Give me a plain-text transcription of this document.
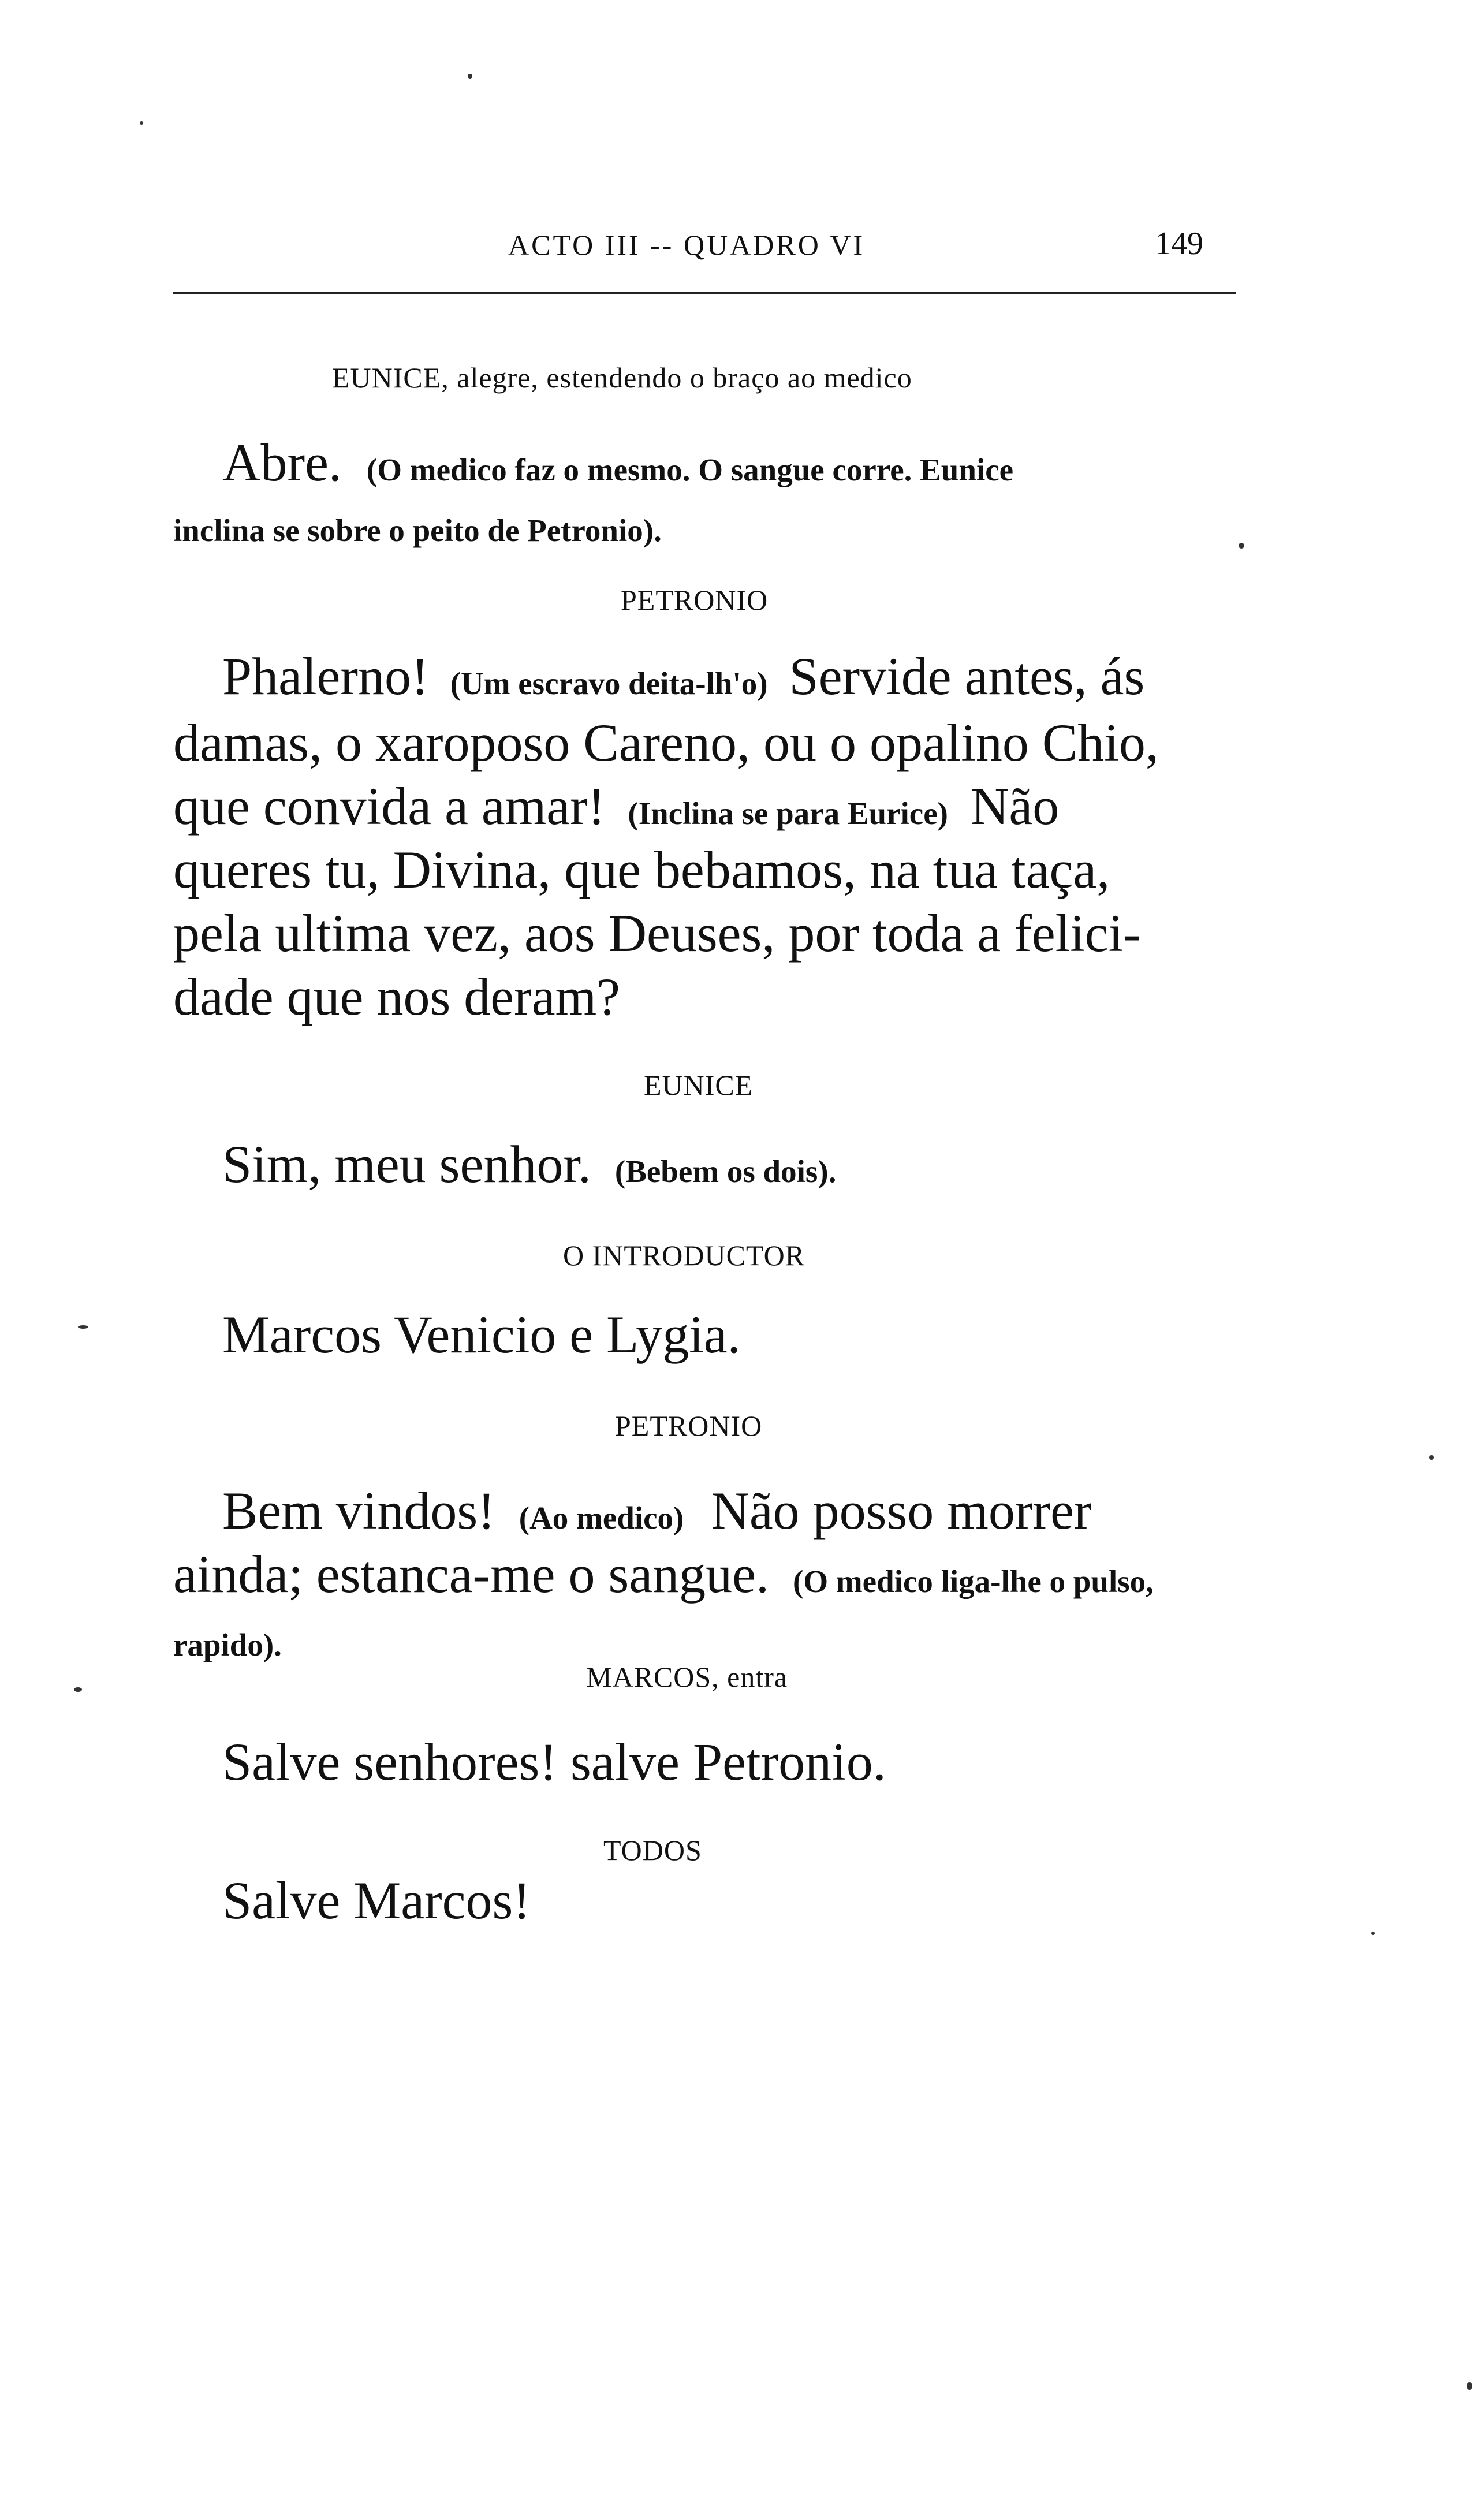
ACTO III -- QUADRO VI	149
EUNICE, alegre, estendendo o braço ao medico
Abre. (O medico faz o mesmo. O sangue corre. Eunice
inclina se sobre o peito de Petronio).
PETRONIO
Phalerno! (Um escravo deita-lh'o) Servide antes, ás
damas, o xaroposo Careno, ou o opalino Chio,
que convida a amar! (Inclina se para Eurice) Não
queres tu, Divina, que bebamos, na tua taça,
pela ultima vez, aos Deuses, por toda a felici-
dade que nos deram?
EUNICE
Sim, meu senhor. (Bebem os dois).
O INTRODUCTOR
Marcos Venicio e Lygia.
PETRONIO
Bem vindos! (Ao medico) Não posso morrer
ainda; estanca-me o sangue. (O medico liga-lhe o pulso,
rapido).
MARCOS, entra
Salve senhores! salve Petronio.
TODOS
Salve Marcos!
